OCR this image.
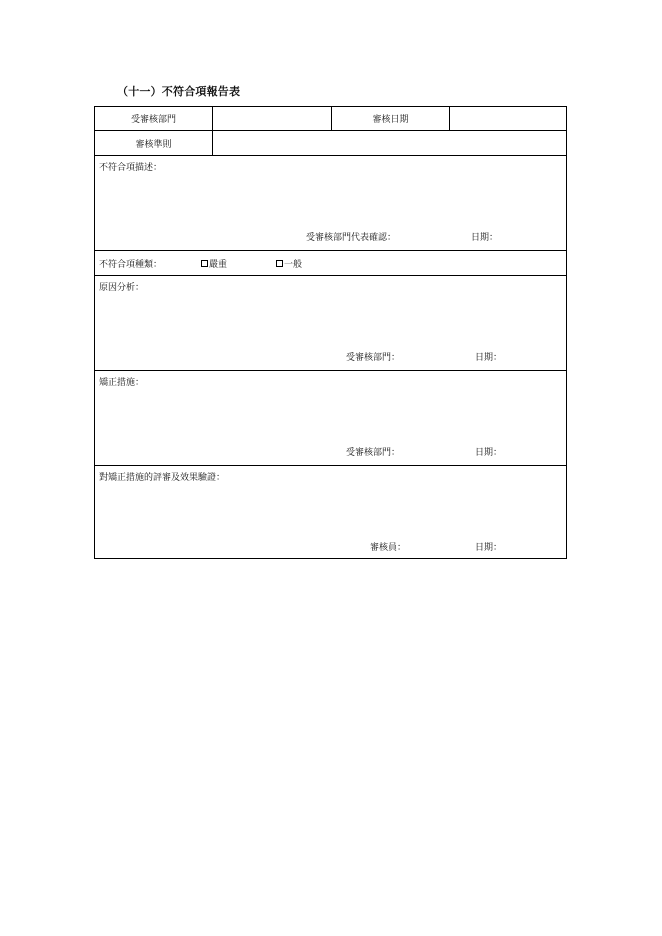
（十一）不符合項報告表
受審核部門	審核日期
審核準則
不符合項描述：
受審核部門代表確認：	日期：
不符合項種類：	嚴重	一般
原因分析：
受審核部門：	日期：
矯正措施：
受審核部門：	日期：
對矯正措施的評審及效果驗證：
審核員：	日期：
